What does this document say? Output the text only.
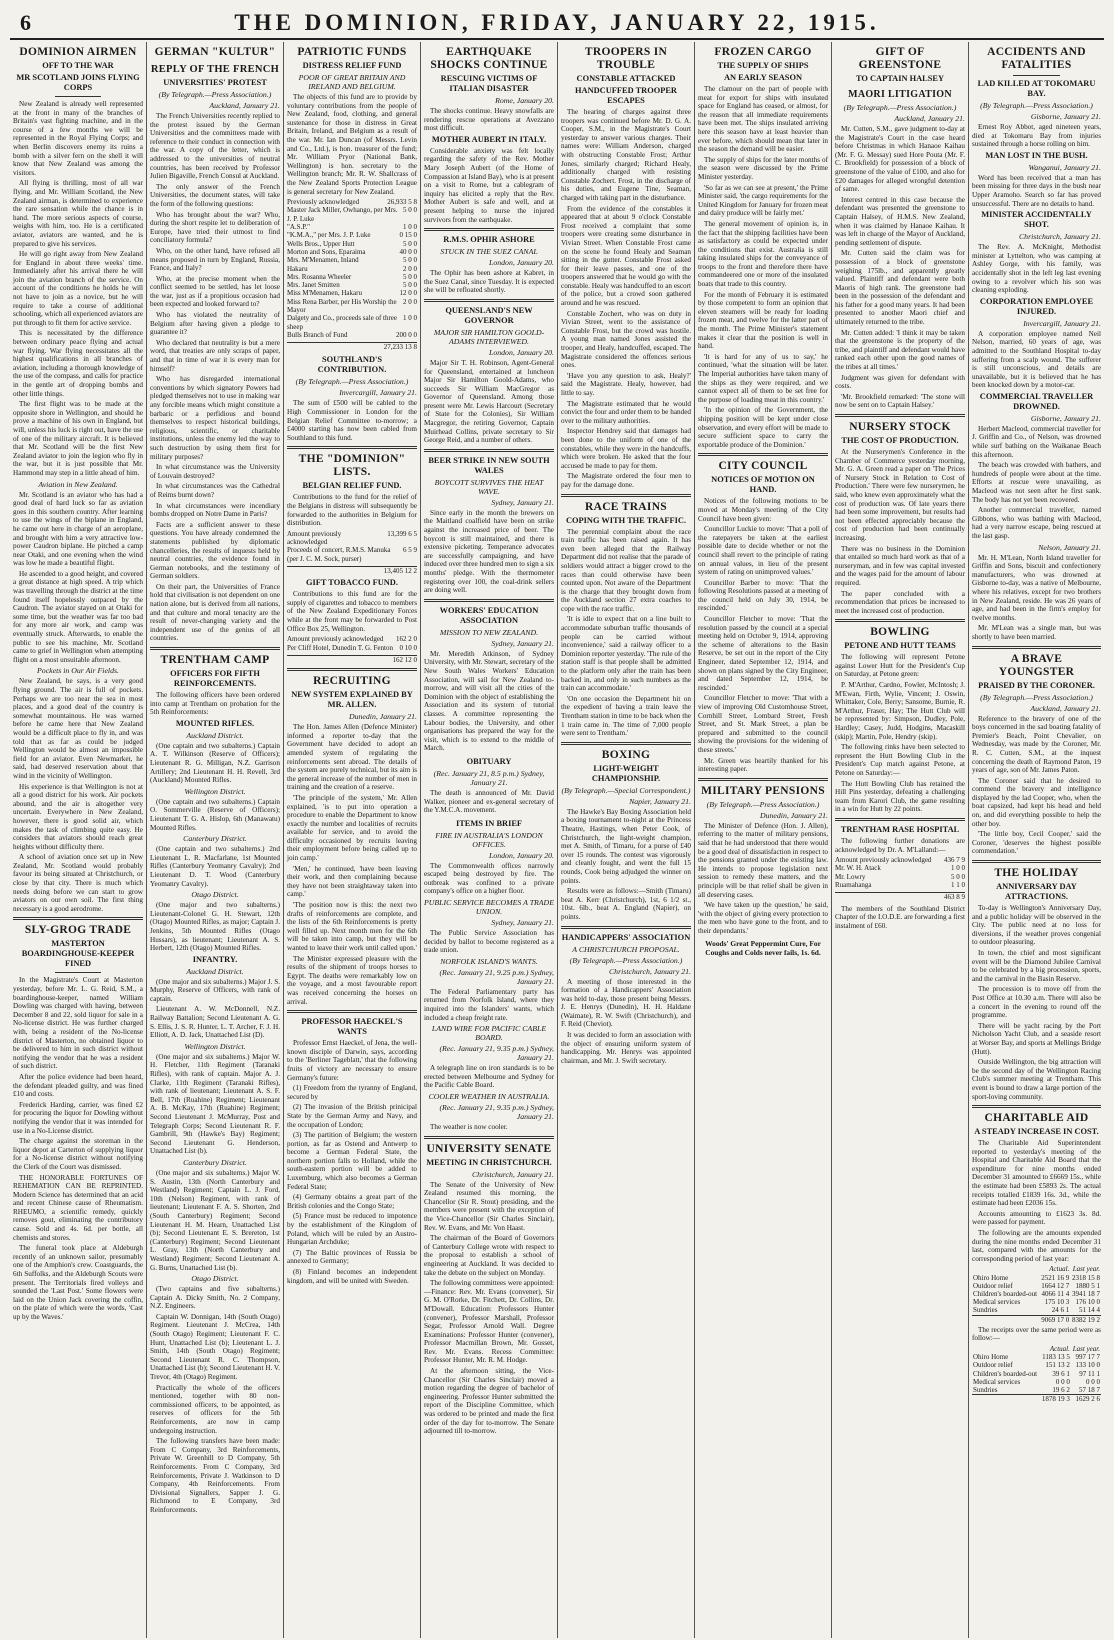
6	THE DOMINION, FRIDAY, JANUARY 22, 1915.
DOMINION AIRMEN
OFF TO THE WAR
MR SCOTLAND JOINS FLYING CORPS

New Zealand is already well represented at the front in many of the branches of Britain's vast fighting machine, and in the course of a few months we will be represented in the Royal Flying Corps; and when Berlin discovers enemy its ruins a bomb with a silver fern on the shell it will know that New Zealand was among the visitors.

All flying is thrilling, most of all war flying, and Mr. William Scotland, the New Zealand airman, is determined to experience the rare sensation while the chance is in hand. The more serious aspects of course, weighs with him, too. He is a certificated aviator, aviators are wanted, and he is prepared to give his services.

He will go right away from New Zealand for England in about three weeks' time. Immediately after his arrival there he will join the aviation branch of the service. On account of the conditions he holds he will not have to join as a novice, but he will require to take a course of additional schooling, which all experienced aviators are put through to fit them for active service.

This is necessitated by the difference between ordinary peace flying and actual war flying. War flying necessitates all the highest qualifications in all branches of aviation, including a thorough knowledge of the use of the compass, and calls for practice in the gentle art of dropping bombs and other little things.

The first flight was to be made at the opposite shore in Wellington, and should he prove a machine of his own in England, but will, unless his luck is right out, have the use of one of the military aircraft. It is believed that Mr. Scotland will be the first New Zealand aviator to join the legion who fly in the war, but it is just possible that Mr. Hammond may step in a little ahead of him.

Aviation in New Zealand.

Mr. Scotland is an aviator who has had a good deal of hard luck so far as aviation goes in this southern country. After learning to use the wings of the biplane in England, he came out here in charge of an aeroplane, and brought with him a very attractive low-power Caudron biplane. He pitched a camp near Otaki, and one evening when the wind was low he made a beautiful flight.

He ascended to a good height, and covered a great distance at high speed. A trip which was travelling through the district at the time found itself hopelessly outpaced by the Caudron. The aviator stayed on at Otaki for some time, but the weather was far too bad for any more air work, and camp was eventually struck. Afterwards, to enable the public to see his machine, Mr. Scotland came to grief in Wellington when attempting flight on a most unsuitable afternoon.

Pockets in Our Air Fields.

New Zealand, he says, is a very good flying ground. The air is full of pockets. Perhaps we are too near the sea in most places, and a good deal of the country is somewhat mountainous. He was warned before he came here that New Zealand would be a difficult place to fly in, and was told that as far as could be judged Wellington would be almost an impossible field for an aviator. Even Newmarket, he said, had deserved reservation about that wind in the vicinity of Wellington.

His experience is that Wellington is not at all a good district for his work. Air pockets abound, and the air is altogether very uncertain. Everywhere in New Zealand, however, there is good solid air, which makes the task of climbing quite easy. He considers that aviators should reach great heights without difficulty there.

A school of aviation once set up in New Zealand, Mr. Scotland would probably favour its being situated at Christchurch, or close by that city. There is much which needs doing before we can start to grow aviators on our own soil. The first thing necessary is a good aerodrome.

SLY-GROG TRADE
MASTERTON BOARDINGHOUSE-KEEPER FINED

In the Magistrate's Court at Masterton yesterday, before Mr. L. G. Reid, S.M., a boardinghouse-keeper, named William Dowling was charged with having, between December 8 and 22, sold liquor for sale in a No-license district. He was further charged with, being a resident of the No-license district of Masterton, no obtained liquor to be delivered to him in such district without notifying the vendor that he was a resident of such district.

After the police evidence had been heard, the defendant pleaded guilty, and was fined £10 and costs.

Frederick Harding, carrier, was fined £2 for procuring the liquor for Dowling without notifying the vendor that it was intended for use in a No-License district.

The charge against the storeman in the liquor depot at Carterton of supplying liquor for a No-license district without notifying the Clerk of the Court was dismissed.

THE HONORABLE FORTUNES OF REHEMATION CAN BE REPRINTED. Modern Science has determined that an acid and recent Chinese cause of Rheumatism. RHEUMO, a scientific remedy, quickly removes gout, eliminating the contributory cause. Sold and 4s. 6d. per bottle, all chemists and stores.

The funeral took place at Aldeburgh recently of an unknown sailor, presumably one of the Amphion's crew. Coastguards, the 6th Suffolks, and the Aldeburgh Scouts were present. The Territorials fired volleys and sounded the 'Last Post.' Some flowers were laid on the Union Jack covering the coffin, on the plate of which were the words, 'Cast up by the Waves.'

GERMAN "KULTUR"
REPLY OF THE FRENCH
UNIVERSITIES' PROTEST
(By Telegraph.—Press Association.)
Auckland, January 21.

The French Universities recently replied to the protest issued by the German Universities and the committees made with reference to their conduct in connection with the war. A copy of the letter, which is addressed to the universities of neutral countries, has been received by Professor Julien Bigaville, French Consul at Auckland.

The only answer of the French Universities, the document states, will take the form of the following questions:

Who has brought about the war? Who, during the short respite let to deliberation of Europe, have tried their utmost to find conciliatory formula?

Who, on the other hand, have refused all means proposed in turn by England, Russia, France, and Italy?

Who, at the precise moment when the conflict seemed to be settled, has let loose the war, just as if a propitious occasion had been expected and looked forward to?

Who has violated the neutrality of Belgium after having given a pledge to guarantee it?

Who declared that neutrality is but a mere word, that treaties are only scraps of paper, and that in time of war it is every man for himself?

Who has disregarded international conventions by which signatory Powers had pledged themselves not to use in making war any forcible means which might constitute a barbaric or a perfidious and bound themselves to respect historical buildings, religious, scientific, or charitable institutions, unless the enemy led the way to such destruction by using them first for military purposes?

In what circumstance was the University of Louvain destroyed?

In what circumstances was the Cathedral of Reims burnt down?

In what circumstances were incendiary bombs dropped on Notre Dame in Paris?

Facts are a sufficient answer to these questions. You have already condemned the statements published by diplomatic chancelleries, the results of inquests held by neutral countries, the evidence found in German notebooks, and the testimony of German soldiers.

On their part, the Universities of France hold that civilisation is not dependent on one nation alone, but is derived from all nations, and that culture and moral tenacity are the result of never-changing variety and the independent use of the genius of all countries.

TRENTHAM CAMP
OFFICERS FOR FIFTH REINFORCEMENTS.

The following officers have been ordered into camp at Trentham on probation for the 5th Reinforcements:

MOUNTED RIFLES.
Auckland District.

(One captain and two subalterns.) Captain A. T. Wilkinson (Reserve of Officers); Lieutenant R. G. Milligan, N.Z. Garrison Artillery; 2nd Lieutenant H. H. Revell, 3rd (Auckland) Mounted Rifles.

Wellington District.

(One captain and two subalterns.) Captain O. Sommerville (Reserve of Officers); Lieutenant T. G. A. Hislop, 6th (Manawatu) Mounted Rifles.

Canterbury District.

(One captain and two subalterns.) 2nd Lieutenant L. R. Macfarlane, 1st Mounted Rifles (Canterbury Yeomanry Cavalry); 2nd Lieutenant D. T. Wood (Canterbury Yeomanry Cavalry).

Otago District.

(One major and two subalterns.) Lieutenant-Colonel G. H. Stewart, 12th (Otago) Mounted Rifles, as major; Captain J. Jenkins, 5th Mounted Rifles (Otago Hussars), as lieutenant; Lieutenant A. S. Herbert, 12th (Otago) Mounted Rifles.

INFANTRY.
Auckland District.

(One major and six subalterns.) Major J. S. Murphy, Reserve of Officers, with rank of captain.

Lieutenant A. W. McDonnell, N.Z. Railway Battalion; Second Lieutenant A. G. S. Ellis, J. S. R. Hunter, L. T. Archer, F. J. H. Elliott, A. D. Jack, Unattached List (D).

Wellington District.

(One major and six subalterns.) Major W. H. Fletcher, 11th Regiment (Taranaki Rifles), with rank of captain. Major A. J. Clarke, 11th Regiment (Taranaki Rifles), with rank of lieutenant; Lieutenant A. S. F. Bell, 17th (Ruahine) Regiment; Lieutenant A. B. McKay, 17th (Ruahine) Regiment; Second Lieutenant J. McMurray, Post and Telegraph Corps; Second Lieutenant R. F. Gambrill, 9th (Hawke's Bay) Regiment; Second Lieutenant G. Henderson, Unattached List (b).

Canterbury District.

(One major and six subalterns.) Major W. S. Austin, 13th (North Canterbury and Westland) Regiment; Captain L. J. Ford, 10th (Nelson) Regiment, with rank of lieutenant; Lieutenant F. A. S. Shorten, 2nd (South Canterbury) Regiment; Second Lieutenant H. M. Hearn, Unattached List (b); Second Lieutenant E. S. Brereton, 1st (Canterbury) Regiment; Second Lieutenant L. Gray, 13th (North Canterbury and Westland) Regiment; Second Lieutenant A. G. Burns, Unattached List (b).

Otago District.

(Two captains and five subalterns.) Captain A. Dicky Smith, No. 2 Company, N.Z. Engineers.

Captain W. Donnigan, 14th (South Otago) Regiment. Lieutenant J. McCrea, 14th (South Otago) Regiment; Lieutenant F. C. Hunt, Unattached List (b); Lieutenant L. J. Smith, 14th (South Otago) Regiment; Second Lieutenant R. C. Thompson, Unattached List (b); Second Lieutenant H. V. Trevor, 4th (Otago) Regiment.

Practically the whole of the officers mentioned, together with 80 non-commissioned officers, to be appointed, as reserves of officers for the 5th Reinforcements, are now in camp undergoing instruction.

The following transfers have been made: From C Company, 3rd Reinforcements, Private W. Greenhill to D Company, 5th Reinforcements. From C Company, 3rd Reinforcements, Private J. Watkinson to D Company, 4th Reinforcements. From Divisional Signallers, Sapper J. G. Richmond to E Company, 3rd Reinforcements.

PATRIOTIC FUNDS
DISTRESS RELIEF FUND
POOR OF GREAT BRITAIN AND IRELAND AND BELGIUM.

The objects of this fund are to provide by voluntary contributions from the people of New Zealand, food, clothing, and general sustenance for those in distress in Great Britain, Ireland, and Belgium as a result of the war. Mr. Ian Duncan (of Messrs. Levin and Co., Ltd.), is hon. treasurer of the fund; Mr. William Pryor (National Bank, Wellington) is hon. secretary to the Wellington branch; Mr. R. W. Shallcrass of the New Zealand Sports Protection League is general secretary for New Zealand.

Previously acknowledged	26,933 5 8
Master Jack Miller, Owhango, per Mrs. J. P. Luke
5 0 0
"A.S.P."	1 0 0
"K.M.A.," per Mrs. J. P. Luke	0 15 0
Wells Bros., Upper Hutt	5 0 0
Morton and Sons, Eparaima	40 0 0
Mrs. M'Menamen, Inland	5 0 0
Hakaru	2 0 0
Mrs. Rosanna Wheeler	5 0 0
Mrs. Janet Smitten	5 0 0
Miss M'Menamen, Hakaru	12 0 0
Miss Rena Barber, per His Worship the Mayor
2 0 0
Dalgety and Co., proceeds sale of three sheep
1 0 0
Bulls Branch of Fund	200 0 0
27,233 13 8
SOUTHLAND'S CONTRIBUTION.
(By Telegraph.—Press Association.)
Invercargill, January 21.

The sum of £500 will be cabled to the High Commissioner in London for the Belgian Relief Committee to-morrow; a £4000 starting has now been cabled from Southland to this fund.

THE "DOMINION" LISTS.
BELGIAN RELIEF FUND.

Contributions to the fund for the relief of the Belgians in distress will subsequently be forwarded to the authorities in Belgium for distribution.

Amount previously acknowledged
13,399 6 5
Proceeds of concert, R.M.S. Manuka (per J. C. M. Sock, purser)
6 5 9
13,405 12 2
GIFT TOBACCO FUND.

Contributions to this fund are for the supply of cigarettes and tobacco to members of the New Zealand Expeditionary Forces while at the front may be forwarded to Post Office Box 25, Wellington.

Amount previously acknowledged	162 2 0
Per Cliff Hotel, Dunedin T. G. Fenton 0 10 0
162 12 0
RECRUITING
NEW SYSTEM EXPLAINED BY MR. ALLEN.
Dunedin, January 21.

The Hon. James Allen (Defence Minister) informed a reporter to-day that the Government have decided to adopt an amended system of regulating the reinforcements sent abroad. The details of the system are purely technical, but its aim is the general increase of the number of men in training and the creation of a reserve.

'The principle of the system,' Mr. Allen explained, 'is to put into operation a procedure to enable the Department to know exactly the number and localities of recruits available for service, and to avoid the difficulty occasioned by recruits leaving their employment before being called up to join camp.'

'Men,' he continued, 'have been leaving their work, and then complaining because they have not been straightaway taken into camp.'

'The position now is this: the next two drafts of reinforcements are complete, and the lists of the 6th Reinforcements is pretty well filled up. Next month men for the 6th will be taken into camp, but they will be wanted to leave their work until called upon.'

The Minister expressed pleasure with the results of the shipment of troops horses to Egypt. The deaths were remarkably low on the voyage, and a most favourable report was received concerning the horses on arrival.

PROFESSOR HAECKEL'S WANTS

Professor Ernst Haeckel, of Jena, the well-known disciple of Darwin, says, according to the 'Berliner Tageblatt,' that the following fruits of victory are necessary to ensure Germany's future:

(1) Freedom from the tyranny of England, secured by

(2) The invasion of the British prinicipal State by the German Army and Navy, and the occupation of London;

(3) The partition of Belgium; the western portion, as far as Ostend and Antwerp to become a German Federal State, the northern portion falls to Holland, while the south-eastern portion will be added to Luxemburg, which also becomes a German Federal State;

(4) Germany obtains a great part of the British colonies and the Congo State;

(5) France must be reduced to impotence by the establishment of the Kingdom of Poland, which will be ruled by an Austro-Hungarian Archduke;

(7) The Baltic provinces of Russia be annexed to Germany;

(8) Finland becomes an independent kingdom, and will be united with Sweden.

EARTHQUAKE SHOCKS CONTINUE
RESCUING VICTIMS OF ITALIAN DISASTER
Rome, January 20.

The shocks continue. Heavy snowfalls are rendering rescue operations at Avezzano most difficult.

MOTHER AUBERT IN ITALY.

Considerable anxiety was felt locally regarding the safety of the Rev. Mother Mary Joseph Aubert (of the Home of Compassion at Island Bay), who is at present on a visit to Rome, but a cablegram of inquiry has elicited a reply that the Rev. Mother Aubert is safe and well, and at present helping to nurse the injured survivors from the earthquake.

R.M.S. OPHIR ASHORE
STUCK IN THE SUEZ CANAL
London, January 20.

The Ophir has been ashore at Kabret, in the Suez Canal, since Tuesday. It is expected she will be refloated shortly.

QUEENSLAND'S NEW GOVERNOR
MAJOR SIR HAMILTON GOOLD-ADAMS INTERVIEWED.
London, January 20.

Major Sir T. H. Robinson, Agent-General for Queensland, entertained at luncheon Major Sir Hamilton Goold-Adams, who succeeds Sir William MacGregor as Governor of Queensland. Among those present were Mr. Lewis Harcourt (Secretary of State for the Colonies), Sir William Macgregor, the retiring Governor, Captain Muirhead Collins, private secretary to Sir George Reid, and a number of others.

BEER STRIKE IN NEW SOUTH WALES
BOYCOTT SURVIVES THE HEAT WAVE.
Sydney, January 21.

Since early in the month the brewers on the Maitland coalfield have been on strike against the increased price of beer. The boycott is still maintained, and there is extensive picketing. Temperance advocates are successfully campaigning, and have induced over three hundred men to sign a six months' pledge. With the thermometer registering over 100, the coal-drink sellers are doing well.

WORKERS' EDUCATION ASSOCIATION
MISSION TO NEW ZEALAND.
Sydney, January 21.

Mr. Meredith Atkinson, of Sydney University, with Mr. Stewart, secretary of the New South Wales Workers' Education Association, will sail for New Zealand to-morrow, and will visit all the cities of the Dominion with the object of establishing the Association and its system of tutorial classes. A committee representing the Labour bodies, the University, and other organisations has prepared the way for the visit, which is to extend to the middle of March.

OBITUARY
(Rec. January 21, 8.5 p.m.) Sydney, January 21.

The death is announced of Mr. David Walker, pioneer and ex-general secretary of the Y.M.C.A. movement.

ITEMS IN BRIEF
FIRE IN AUSTRALIA'S LONDON OFFICES.
London, January 20.

The Commonwealth offices narrowly escaped being destroyed by fire. The outbreak was confined to a private company's office on a higher floor.

PUBLIC SERVICE BECOMES A TRADE UNION.
Sydney, January 21.

The Public Service Association has decided by ballot to become registered as a trade union.

NORFOLK ISLAND'S WANTS.
(Rec. January 21, 9.25 p.m.) Sydney, January 21.

The Federal Parliamentary party has returned from Norfolk Island, where they inquired into the Islanders' wants, which included a cheap freight rate.

LAND WIRE FOR PACIFIC CABLE BOARD.
(Rec. January 21, 9.35 p.m.) Sydney, January 21.

A telegraph line on iron standards is to be erected between Melbourne and Sydney for the Pacific Cable Board.

COOLER WEATHER IN AUSTRALIA.
(Rec. January 21, 9.35 p.m.) Sydney, January 21.

The weather is now cooler.

UNIVERSITY SENATE
MEETING IN CHRISTCHURCH.
Christchurch, January 21.

The Senate of the University of New Zealand resumed this morning, the Chancellor (Sir R. Stout) presiding, and the members were present with the exception of the Vice-Chancellor (Sir Charles Sinclair), Rev. W. Evans, and Mr. Von Haast.

The chairman of the Board of Governors of Canterbury College wrote with respect to the proposal to establish a school of engineering at Auckland. It was decided to take the debate on the subject on Monday.

The following committees were appointed:—Finance: Rev. Mr. Evans (convener), Sir G. M. O'Rorke, Dr. Fitchett, Dr. Collins, Dr. M'Dowall. Education: Professors Hunter (convener), Professor Marshall, Professor Segar, Professor Arnold Wall. Degree Examinations: Professor Hunter (convener), Professor Macmillan Brown, Mr. Gosset, Rev. Mr. Evans. Recess Committee: Professor Hunter, Mr. R. M. Hodge.

At the afternoon sitting, the Vice-Chancellor (Sir Charles Sinclair) moved a motion regarding the degree of bachelor of engineering. Professor Hunter submitted the report of the Discipline Committee, which was ordered to be printed and made the first order of the day for to-morrow. The Senate adjourned till to-morrow.

TROOPERS IN TROUBLE
CONSTABLE ATTACKED
HANDCUFFED TROOPER ESCAPES

The hearing of charges against three troopers was continued before Mr. D. G. A. Cooper, S.M., in the Magistrate's Court yesterday to answer various charges. Their names were: William Anderson, charged with obstructing Constable Frost; Arthur Jones, similarly charged; Richard Healy, additionally charged with resisting Constable Zochert. Frost, in the discharge of his duties, and Eugene Tine, Seaman, charged with taking part in the disturbance.

From the evidence of the constables it appeared that at about 9 o'clock Constable Frost received a complaint that some troopers were creating some disturbance in Vivian Street. When Constable Frost came on the scene he found Healy and Seaman sitting in the gutter. Constable Frost asked for their leave passes, and one of the troopers answered that he would go with the constable. Healy was handcuffed to an escort of the police, but a crowd soon gathered around and he was rescued.

Constable Zochert, who was on duty in Vivian Street, went to the assistance of Constable Frost, but the crowd was hostile. A young man named Jones assisted the trooper, and Healy, handcuffed, escaped. The Magistrate considered the offences serious ones.

'Have you any question to ask, Healy?' said the Magistrate. Healy, however, had little to say.

The Magistrate estimated that he would convict the four and order them to be handed over to the military authorities.

Inspector Hendrey said that damages had been done to the uniform of one of the constables, while they were in the handcuffs, which were broken. He asked that the four accused be made to pay for them.

The Magistrate ordered the four men to pay for the damage done.

RACE TRAINS
COPING WITH THE TRAFFIC.

The perennial complaint about the race train traffic has been raised again. It has even been alleged that the Railway Department did not realise that the parade of soldiers would attract a bigger crowd to the races than could otherwise have been counted upon. Not aware of the Department is the charge that they brought down from the Auckland section 27 extra coaches to cope with the race traffic.

'It is idle to expect that on a line built to accommodate suburban traffic thousands of people can be carried without inconvenience,' said a railway officer to a Dominion reporter yesterday. 'The rule of the station staff is that people shall be admitted to the platform only after the train has been backed in, and only in such numbers as the train can accommodate.'

'On one occasion the Department hit on the expedient of having a train leave the Trentham station in time to be back when the 1 train came in. The time of 7,000 people were sent to Trentham.'

BOXING
LIGHT-WEIGHT CHAMPIONSHIP.
(By Telegraph.—Special Correspondent.)
Napier, January 21.

The Hawke's Bay Boxing Association held a boxing tournament to-night at the Princess Theatre, Hastings, when Peter Cook, of Christchurch, the light-weight champion, met A. Smith, of Timaru, for a purse of £40 over 15 rounds. The contest was vigorously and cleanly fought, and went the full 15 rounds, Cook being adjudged the winner on points.

Results were as follows:—Smith (Timaru) beat A. Kerr (Christchurch), 1st, 6 1/2 st., 10st. 6lb., beat A. England (Napier), on points.

HANDICAPPERS' ASSOCIATION
A CHRISTCHURCH PROPOSAL.
(By Telegraph.—Press Association.)
Christchurch, January 21.

A meeting of those interested in the formation of a Handicappers' Association was held to-day, those present being Messrs. J. E. Henrys (Dunedin), H. H. Haldane (Waimate), R. W. Swift (Christchurch), and F. Reid (Cheviot).

It was decided to form an association with the object of ensuring uniform system of handicapping. Mr. Henrys was appointed chairman, and Mr. J. Swift secretary.

FROZEN CARGO
THE SUPPLY OF SHIPS
AN EARLY SEASON

The clamour on the part of people with meat for export for ships with insulated space for England has ceased, or almost, for the reason that all immediate requirements have been met. The ships insulated arriving here this season have at least heavier than ever before, which should mean that later in the season the demand will be easier.

The supply of ships for the later months of the season were discussed by the Prime Minister yesterday.

'So far as we can see at present,' the Prime Minister said, 'the cargo requirements for the United Kingdom for January for frozen meat and dairy produce will be fairly met.'

The general movement of opinion is, in the fact that the shipping facilities have been as satisfactory as could be expected under the conditions that exist. Australia is still taking insulated ships for the conveyance of troops to the front and therefore there have commandeered one or more of the insulated boats that trade to this country.

For the month of February it is estimated by those competent to form an opinion that eleven steamers will be ready for loading frozen meat, and twelve for the latter part of the month. The Prime Minister's statement makes it clear that the position is well in hand.

'It is hard for any of us to say,' he continued, 'what the situation will be later. The Imperial authorities have taken many of the ships as they were required, and we cannot expect all of them to be set free for the purpose of loading meat in this country.'

'In the opinion of the Government, the shipping position will be kept under close observation, and every effort will be made to secure sufficient space to carry the exportable produce of the Dominion.'

CITY COUNCIL
NOTICES OF MOTION ON HAND.

Notices of the following motions to be moved at Monday's meeting of the City Council have been given:

Councillor Luckie to move: 'That a poll of the ratepayers be taken at the earliest possible date to decide whether or not the council shall revert to the principle of rating on annual values, in lieu of the present system of rating on unimproved values.'

Councillor Barber to move: 'That the following Resolutions passed at a meeting of the council held on July 30, 1914, be rescinded.'

Councillor Fletcher to move: 'That the resolution passed by the council at a special meeting held on October 9, 1914, approving the scheme of alterations to the Basin Reserve, be set out in the report of the City Engineer, dated September 12, 1914, and shown on plans signed by the City Engineer, and dated September 12, 1914, be rescinded.'

Councillor Fletcher to move: 'That with a view of improving Old Customhouse Street, Cornhill Street, Lombard Street, Fresh Street, and St. Mark Street, a plan be prepared and submitted to the council showing the provisions for the widening of these streets.'

Mr. Green was heartily thanked for his interesting paper.

MILITARY PENSIONS
(By Telegraph.—Press Association.)
Dunedin, January 21.

The Minister of Defence (Hon. J. Allen), referring to the matter of military pensions, said that he had understood that there would be a good deal of dissatisfaction in respect to the pensions granted under the existing law. He intends to propose legislation next session to remedy these matters, and the principle will be that relief shall be given in all deserving cases.

'We have taken up the question,' he said, 'with the object of giving every protection to the men who have gone to the front, and to their dependants.'

Woods' Great Peppermint Cure, For Coughs and Colds never fails, 1s. 6d.
GIFT OF GREENSTONE
TO CAPTAIN HALSEY
MAORI LITIGATION
(By Telegraph.—Press Association.)
Auckland, January 21.

Mr. Cutten, S.M., gave judgment to-day at the Magistrate's Court in the case heard before Christmas in which Hanaoe Kaihau (Mr. F. G. Messay) sued Hore Pouta (Mr. F. C. Brookfield) for possession of a block of greenstone of the value of £100, and also for £20 damages for alleged wrongful detention of same.

Interest centred in this case because the defendant was presented the greenstone to Captain Halsey, of H.M.S. New Zealand, when it was claimed by Hanaoe Kaihau. It was left in charge of the Mayor of Auckland, pending settlement of dispute.

Mr. Cutten said the claim was for possession of a block of greenstone weighing 175lb., and apparently greatly valued. Plaintiff and defendant were both Maoris of high rank. The greenstone had been in the possession of the defendant and his father for a good many years. It had been presented to another Maori chief and ultimately returned to the tribe.

Mr. Cutten added: 'I think it may be taken that the greenstone is the property of the tribe, and plaintiff and defendant would have ranked each other upon the good names of the tribes at all times.'

Judgment was given for defendant with costs.

'Mr. Brookfield remarked: 'The stone will now be sent on to Captain Halsey.'

NURSERY STOCK
THE COST OF PRODUCTION.

At the Nurserymen's Conference in the Chamber of Commerce yesterday morning, Mr. G. A. Green read a paper on 'The Prices of Nursery Stock in Relation to Cost of Production.' There were few nurserymen, he said, who knew even approximately what the cost of production was. Of late years there had been some improvement, but results had not been effected appreciably because the cost of production had been continually increasing.

There was no business in the Dominion that entailed so much hard work as that of a nurseryman, and in few was capital invested and the wages paid for the amount of labour required.

The paper concluded with a recommendation that prices be increased to meet the increased cost of production.

BOWLING
PETONE AND HUTT TEAMS

The following will represent Petone against Lower Hutt for the President's Cup on Saturday, at Petone green:

P. M'Arthur, Cardno, Fowler, McIntosh; J. M'Ewan, Firth, Wylie, Vincent; J. Oswin, Whittaker, Cole, Berry; Sansome, Burnie, R. M'Arthur, Fraser, Hay; The Hutt Club will be represented by: Simpson, Dudley, Pole, Hardley; Casey, Judd, Hodgins, Macaskill (skip); Martin, Pole, Hendry (skip).

The following rinks have been selected to represent the Hutt Bowling Club in the President's Cup match against Petone, at Petone on Saturday:—

The Hutt Bowling Club has retained the Hill Pins yesterday, defeating a challenging team from Karori Club, the game resulting in a win for Hutt by 22 points.

TRENTHAM RASE HOSPITAL

The following further donations are acknowledged by Dr. A. M'Lalland:—

Amount previously acknowledged	436 7 9
Mr. W. H. Atack	1 0 0
Mr. Lowry	5 0 0
Ruamahanga	1 1 0
463 8 9

The members of the Southland District Chapter of the I.O.D.E. are forwarding a first instalment of £60.

ACCIDENTS AND FATALITIES
LAD KILLED AT TOKOMARU BAY.
(By Telegraph.—Press Association.)
Gisborne, January 21.

Ernest Roy Abbot, aged nineteen years, died at Tokomaru Bay from injuries sustained through a horse rolling on him.

MAN LOST IN THE BUSH.
Wanganui, January 21.

Word has been received that a man has been missing for three days in the bush near Upper Aramoho. Search so far has proved unsuccessful. There are no details to hand.

MINISTER ACCIDENTALLY SHOT.
Christchurch, January 21.

The Rev. A. McKnight, Methodist minister at Lyttelton, who was camping at Ashley Gorge, with his family, was accidentally shot in the left leg last evening owing to a revolver which his son was cleaning exploding.

CORPORATION EMPLOYEE INJURED.
Invercargill, January 21.

A corporation employee named Neil Nelson, married, 60 years of age, was admitted to the Southland Hospital to-day suffering from a scalp wound. The sufferer is still unconscious, and details are unavailable, but it is believed that he has been knocked down by a motor-car.

COMMERCIAL TRAVELLER DROWNED.
Gisborne, January 21.

Herbert Macleod, commercial traveller for J. Griffin and Co., of Nelson, was drowned while surf bathing on the Waikanae Beach this afternoon.

The beach was crowded with bathers, and hundreds of people were about at the time. Efforts at rescue were unavailing, as Macleod was not seen after he first sank. The body has not yet been recovered.

Another commercial traveller, named Gibbons, who was bathing with Macleod, had a very narrow escape, being rescued at the last gasp.

Nelson, January 21.

Mr. H. M'Lean, North Island traveller for Griffin and Sons, biscuit and confectionery manufacturers, who was drowned at Gisborne to-day, was a native of Melbourne, where his relatives, except for two brothers in New Zealand, reside. He was 26 years of age, and had been in the firm's employ for twelve months.

Mr. M'Lean was a single man, but was shortly to have been married.

A BRAVE YOUNGSTER
PRAISED BY THE CORONER.
(By Telegraph.—Press Association.)
Auckland, January 21.

Reference to the bravery of one of the boys concerned in the sad boating fatality of Premier's Beach, Point Chevalier, on Wednesday, was made by the Coroner, Mr. R. C. Cutten, S.M., at the inquest concerning the death of Raymond Paton, 19 years of age, son of Mr. James Paton.

The Coroner said that he desired to commend the bravery and intelligence displayed by the lad Cooper, who, when the boat capsized, had kept his head and held on, and did everything possible to help the other boy.

'The little boy, Cecil Cooper,' said the Coroner, 'deserves the highest possible commendation.'

THE HOLIDAY
ANNIVERSARY DAY ATTRACTIONS.

To-day is Wellington's Anniversary Day, and a public holiday will be observed in the City. The public need at no loss for diversions, if the weather proves congenial to outdoor pleasuring.

In town, the chief and most significant event will be the Diamond Jubilee Carnival to be celebrated by a big procession, sports, and the carnival in the Basin Reserve.

The procession is to move off from the Post Office at 10.30 a.m. There will also be a concert in the evening to round off the programme.

There will be yacht racing by the Port Nicholson Yacht Club, and a seaside resort at Worser Bay, and sports at Mellings Bridge (Hutt).

Outside Wellington, the big attraction will be the second day of the Wellington Racing Club's summer meeting at Trentham. This event is bound to draw a large portion of the sport-loving community.

CHARITABLE AID
A STEADY INCREASE IN COST.

The Charitable Aid Superintendent reported to yesterday's meeting of the Hospital and Charitable Aid Board that the expenditure for nine months ended December 31 amounted to £6669 15s., while the estimate had been £5893 2s. The actual receipts totalled £1839 16s. 3d., while the estimate had been £2036 15s.

Accounts amounting to £1623 3s. 8d. were passed for payment.

The following are the amounts expended during the nine months ended December 31 last, compared with the amounts for the corresponding period of last year:

	Actual.	Last year.
Ohiro Home	2521 16 9	2318 15 8
Outdoor relief	1664 12 7	1880 5 1
Children's boarded-out	4066 11 4	3941 18 7
Medical services	175 10 3	176 10 0
Sundries	24 6 1	51 14 4
	9069 17 0	8382 19 2

The receipts over the same period were as follow:—

	Actual.	Last year.
Ohiro Home	1183 13 5	997 17 7
Outdoor relief	151 13 2	133 10 0
Children's boarded-out	39 6 1	97 11 1
Medical services	0 0 0	0 0 0
Sundries	19 6 2	57 18 7
	1878 19 3	1629 2 6
